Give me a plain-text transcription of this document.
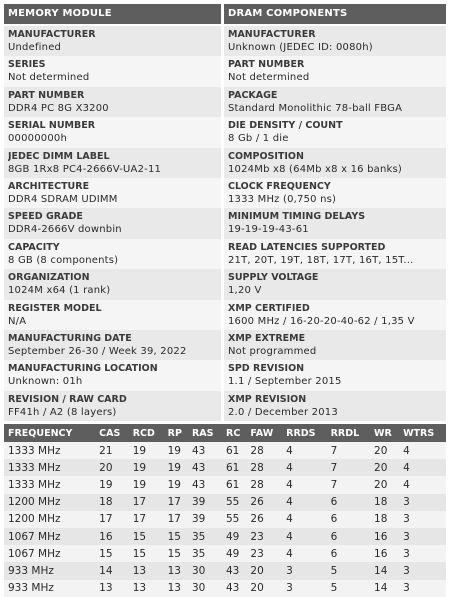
MEMORY MODULE	DRAM COMPONENTS
MANUFACTURER
Undefined
SERIES
Not determined
PART NUMBER
DDR4 PC 8G X3200
SERİAL NUMBER
00000000h
JEDEC DIMM LABEL
8GB 1Rx8 PC4-2666V-UA2-11
ARCHİTECTURE
DDR4 SDRAM UDIMM
SPEED GRADE
DDR4-2666V downbin
CAPACİTY
8 GB (8 components)
ORGANİZATİON
1024M x64 (1 rank)
REGİSTER MODEL
N/A
MANUFACTURİNG DATE
September 26-30 / Week 39, 2022
MANUFACTURİNG LOCATİON
Unknown: 01h
REVİSİON / RAW CARD
FF41h / A2 (8 layers)
MANUFACTURER
Unknown (JEDEC ID: 0080h)
PART NUMBER
Not determined
PACKAGE
Standard Monolithic 78-ball FBGA
DİE DENSİTY / COUNT
8 Gb / 1 die
COMPOSİTİON
1024Mb x8 (64Mb x8 x 16 banks)
CLOCK FREQUENCY
1333 MHz (0,750 ns)
MİNİMUM TİMİNG DELAYS
19-19-19-43-61
READ LATENCİES SUPPORTED
21T, 20T, 19T, 18T, 17T, 16T, 15T...
SUPPLY VOLTAGE
1,20 V
XMP CERTİFİED
1600 MHz / 16-20-20-40-62 / 1,35 V
XMP EXTREME
Not programmed
SPD REVİSİON
1.1 / September 2015
XMP REVİSİON
2.0 / December 2013
FREQUENCY	CAS	RCD	RP	RAS	RC	FAW	RRDS	RRDL	WR	WTRS
1333 MHz	21	19	19	43	61	28	4	7	20	4
1333 MHz	20	19	19	43	61	28	4	7	20	4
1333 MHz	19	19	19	43	61	28	4	7	20	4
1200 MHz	18	17	17	39	55	26	4	6	18	3
1200 MHz	17	17	17	39	55	26	4	6	18	3
1067 MHz	16	15	15	35	49	23	4	6	16	3
1067 MHz	15	15	15	35	49	23	4	6	16	3
933 MHz	14	13	13	30	43	20	3	5	14	3
933 MHz	13	13	13	30	43	20	3	5	14	3
